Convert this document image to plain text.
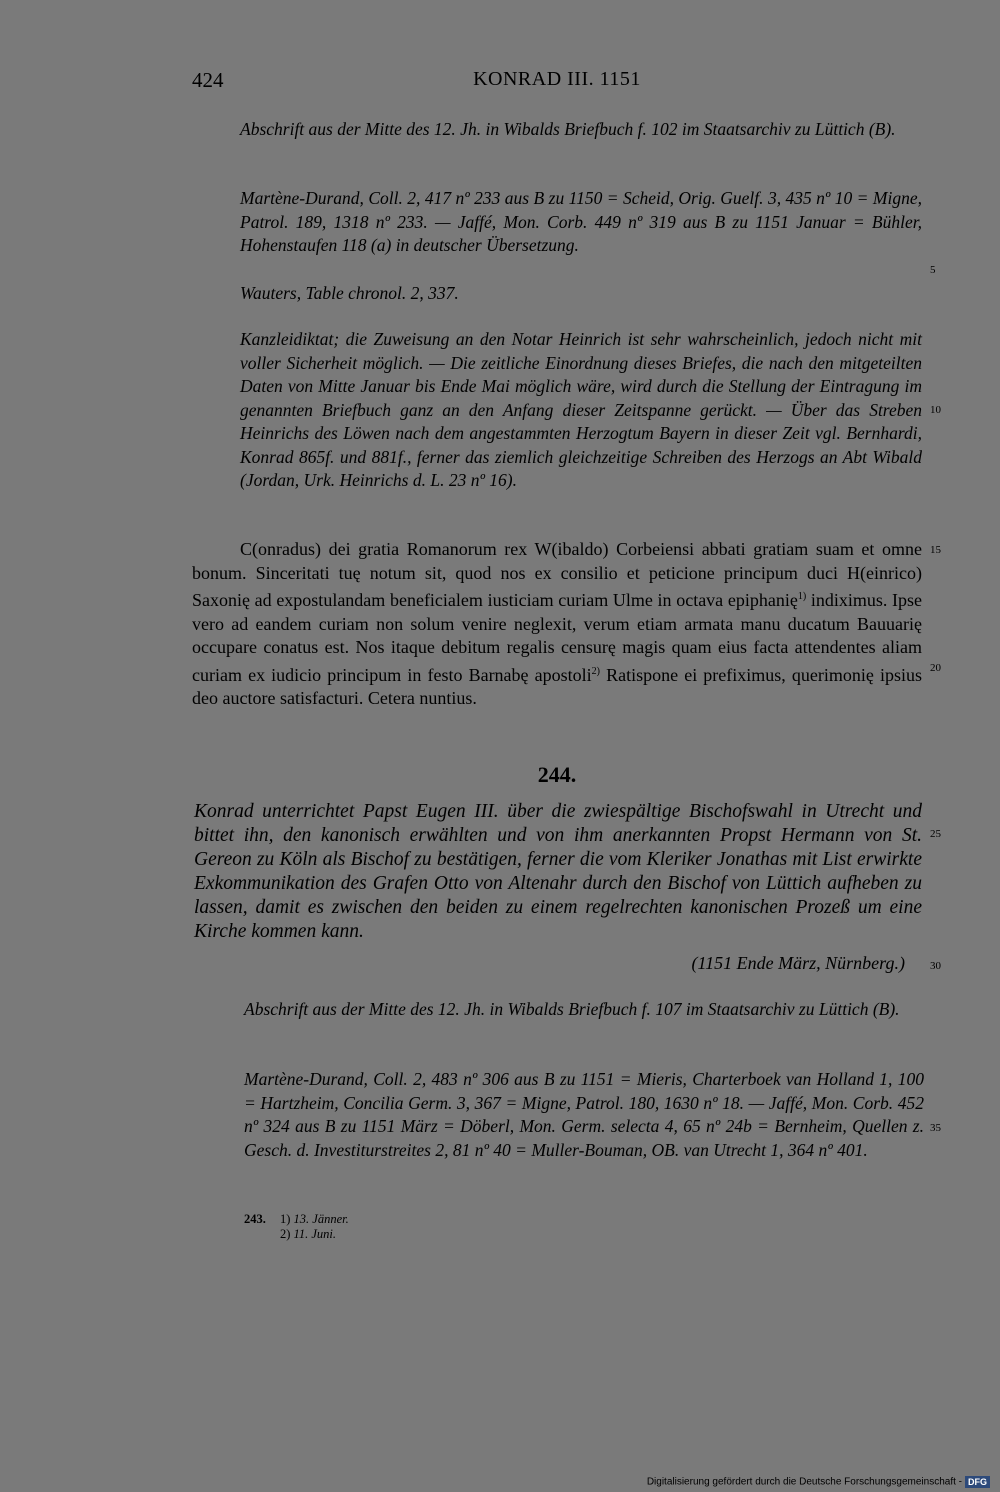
424	KONRAD III. 1151

Abschrift aus der Mitte des 12. Jh. in Wibalds Briefbuch f. 102 im Staatsarchiv zu Lüttich (B).

Martène-Durand, Coll. 2, 417 nº 233 aus B zu 1150 = Scheid, Orig. Guelf. 3, 435 nº 10 = Migne, Patrol. 189, 1318 nº 233. — Jaffé, Mon. Corb. 449 nº 319 aus B zu 1151 Januar = Bühler, Hohenstaufen 118 (a) in deutscher Übersetzung.

Wauters, Table chronol. 2, 337.

Kanzleidiktat; die Zuweisung an den Notar Heinrich ist sehr wahrscheinlich, jedoch nicht mit voller Sicherheit möglich. — Die zeitliche Einordnung dieses Briefes, die nach den mitgeteilten Daten von Mitte Januar bis Ende Mai möglich wäre, wird durch die Stellung der Eintragung im genannten Briefbuch ganz an den Anfang dieser Zeitspanne gerückt. — Über das Streben Heinrichs des Löwen nach dem angestammten Herzogtum Bayern in dieser Zeit vgl. Bernhardi, Konrad 865f. und 881f., ferner das ziemlich gleichzeitige Schreiben des Herzogs an Abt Wibald (Jordan, Urk. Heinrichs d. L. 23 nº 16).

C(onradus) dei gratia Romanorum rex W(ibaldo) Corbeiensi abbati gratiam suam et omne bonum. Sinceritati tuę notum sit, quod nos ex consilio et peticione principum duci H(einrico) Saxonię ad expostulandam beneficialem iusticiam curiam Ulme in octava epiphanię$^{1)}$ indiximus. Ipse vero ad eandem curiam non solum venire neglexit, verum etiam armata manu ducatum Bauuarię occupare conatus est. Nos itaque debitum regalis censurę magis quam eius facta attendentes aliam curiam ex iudicio principum in festo Barnabę apostoli$^{2)}$ Ratispone ei prefiximus, querimonię ipsius deo auctore satisfacturi. Cetera nuntius.

244.

Konrad unterrichtet Papst Eugen III. über die zwiespältige Bischofswahl in Utrecht und bittet ihn, den kanonisch erwählten und von ihm anerkannten Propst Hermann von St. Gereon zu Köln als Bischof zu bestätigen, ferner die vom Kleriker Jonathas mit List erwirkte Exkommunikation des Grafen Otto von Altenahr durch den Bischof von Lüttich aufheben zu lassen, damit es zwischen den beiden zu einem regelrechten kanonischen Prozeß um eine Kirche kommen kann.

(1151 Ende März, Nürnberg.)

Abschrift aus der Mitte des 12. Jh. in Wibalds Briefbuch f. 107 im Staatsarchiv zu Lüttich (B).

Martène-Durand, Coll. 2, 483 nº 306 aus B zu 1151 = Mieris, Charterboek van Holland 1, 100 = Hartzheim, Concilia Germ. 3, 367 = Migne, Patrol. 180, 1630 nº 18. — Jaffé, Mon. Corb. 452 nº 324 aus B zu 1151 März = Döberl, Mon. Germ. selecta 4, 65 nº 24b = Bernheim, Quellen z. Gesch. d. Investiturstreites 2, 81 nº 40 = Muller-Bouman, OB. van Utrecht 1, 364 nº 401.

5
10
15
20
25
30
35
243. 1) 13. Jänner.
2) 11. Juni.
Digitalisierung gefördert durch die Deutsche Forschungsgemeinschaft - DFG
